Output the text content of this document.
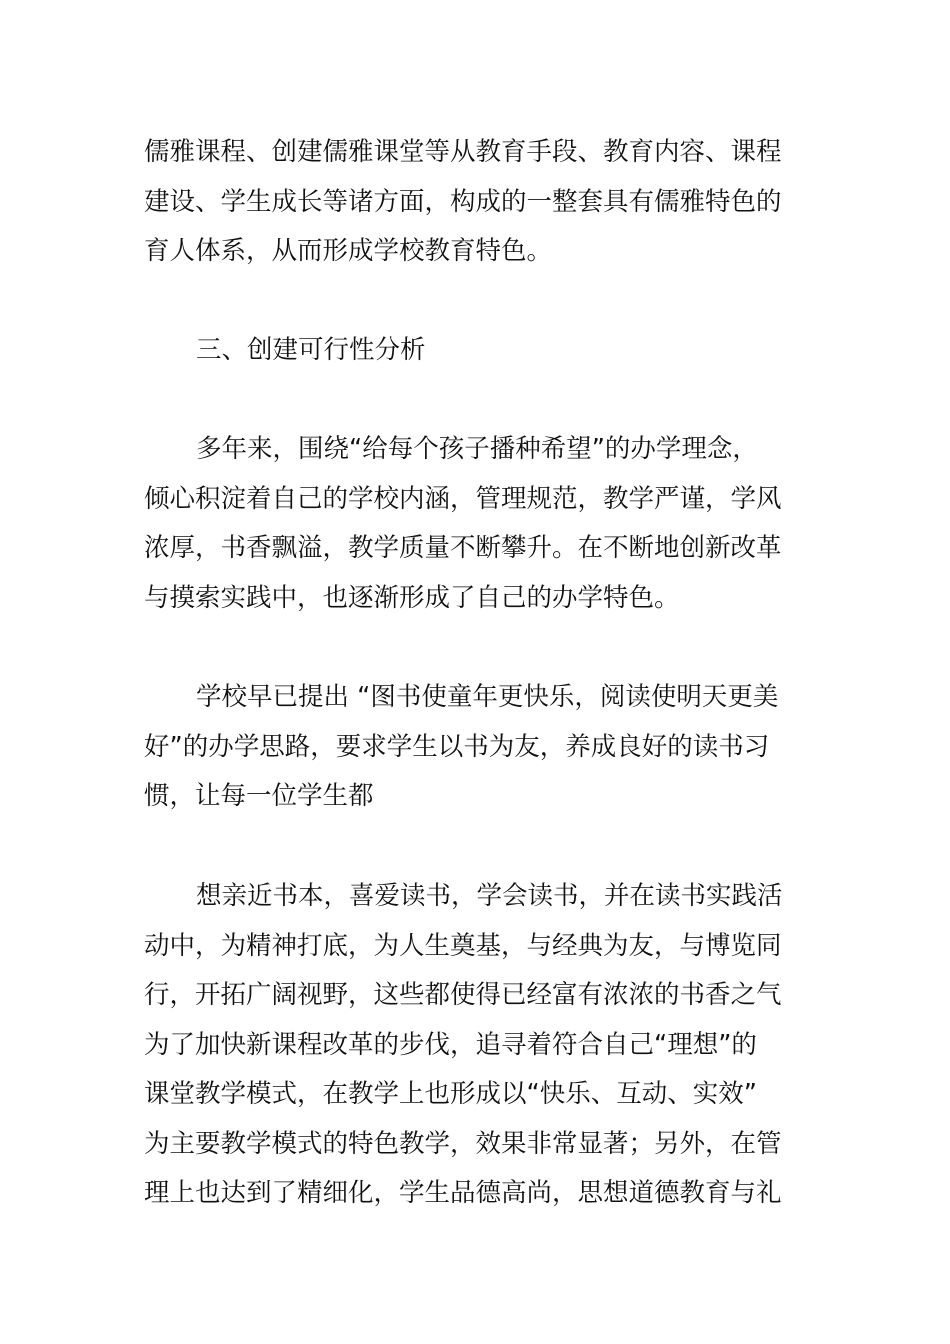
儒雅课程、创建儒雅课堂等从教育手段、教育内容、课程
建设、学生成长等诸方面，构成的一整套具有儒雅特色的
育人体系，从而形成学校教育特色。
三、创建可行性分析
多年来，围绕“给每个孩子播种希望”的办学理念，
倾心积淀着自己的学校内涵，管理规范，教学严谨，学风
浓厚，书香飘溢，教学质量不断攀升。在不断地创新改革
与摸索实践中，也逐渐形成了自己的办学特色。
学校早已提出 “图书使童年更快乐，阅读使明天更美
好”的办学思路，要求学生以书为友，养成良好的读书习
惯，让每一位学生都
想亲近书本，喜爱读书，学会读书，并在读书实践活
动中，为精神打底，为人生奠基，与经典为友，与博览同
行，开拓广阔视野，这些都使得已经富有浓浓的书香之气
为了加快新课程改革的步伐，追寻着符合自己“理想”的
课堂教学模式，在教学上也形成以“快乐、互动、实效”
为主要教学模式的特色教学，效果非常显著；另外，在管
理上也达到了精细化，学生品德高尚，思想道德教育与礼
